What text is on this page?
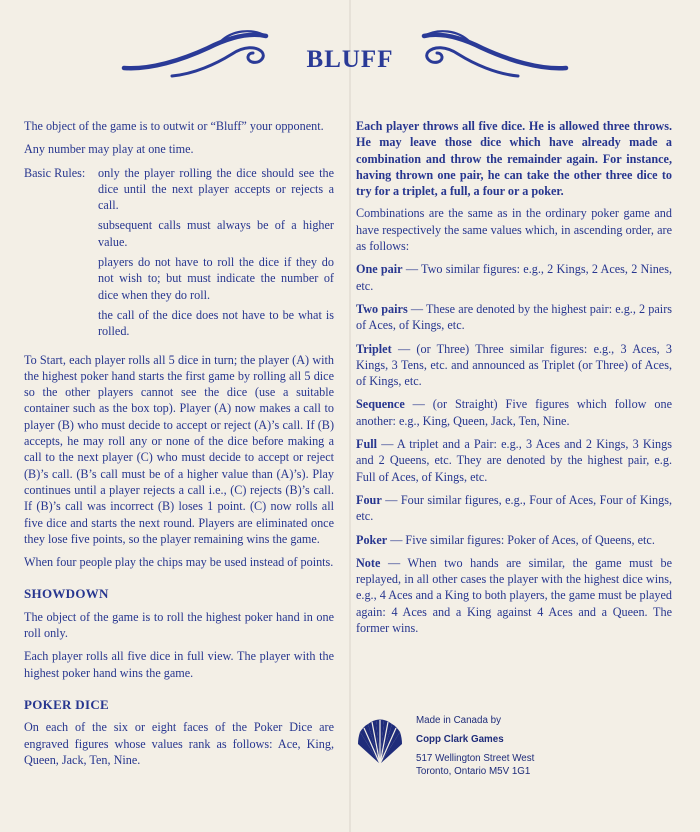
BLUFF

The object of the game is to outwit or “Bluff” your opponent.

Any number may play at one time.

Basic Rules:	only the player rolling the dice should see the dice until the next player accepts or rejects a call.

subsequent calls must always be of a higher value.

players do not have to roll the dice if they do not wish to; but must indicate the number of dice when they do roll.

the call of the dice does not have to be what is rolled.

To Start, each player rolls all 5 dice in turn; the player (A) with the highest poker hand starts the first game by rolling all 5 dice so the other players cannot see the dice (use a suitable container such as the box top). Player (A) now makes a call to player (B) who must decide to accept or reject (A)’s call. If (B) accepts, he may roll any or none of the dice before making a call to the next player (C) who must decide to accept or reject (B)’s call. (B’s call must be of a higher value than (A)’s). Play continues until a player rejects a call i.e., (C) rejects (B)’s call. If (B)’s call was incorrect (B) loses 1 point. (C) now rolls all five dice and starts the next round. Players are eliminated once they lose five points, so the player remaining wins the game.

When four people play the chips may be used instead of points.

SHOWDOWN

The object of the game is to roll the highest poker hand in one roll only.

Each player rolls all five dice in full view. The player with the highest poker hand wins the game.

POKER DICE

On each of the six or eight faces of the Poker Dice are engraved figures whose values rank as follows: Ace, King, Queen, Jack, Ten, Nine.

Each player throws all five dice. He is allowed three throws. He may leave those dice which have already made a combination and throw the remainder again. For instance, having thrown one pair, he can take the other three dice to try for a triplet, a full, a four or a poker.

Combinations are the same as in the ordinary poker game and have respectively the same values which, in ascending order, are as follows:

One pair — Two similar figures: e.g., 2 Kings, 2 Aces, 2 Nines, etc.

Two pairs — These are denoted by the highest pair: e.g., 2 pairs of Aces, of Kings, etc.

Triplet — (or Three) Three similar figures: e.g., 3 Aces, 3 Kings, 3 Tens, etc. and announced as Triplet (or Three) of Aces, of Kings, etc.

Sequence — (or Straight) Five figures which follow one another: e.g., King, Queen, Jack, Ten, Nine.

Full — A triplet and a Pair: e.g., 3 Aces and 2 Kings, 3 Kings and 2 Queens, etc. They are denoted by the highest pair, e.g. Full of Aces, of Kings, etc.

Four — Four similar figures, e.g., Four of Aces, Four of Kings, etc.

Poker — Five similar figures: Poker of Aces, of Queens, etc.

Note — When two hands are similar, the game must be replayed, in all other cases the player with the highest dice wins, e.g., 4 Aces and a King to both players, the game must be played again: 4 Aces and a King against 4 Aces and a Queen. The former wins.

Made in Canada by
Copp Clark Games
517 Wellington Street West
Toronto, Ontario M5V 1G1
